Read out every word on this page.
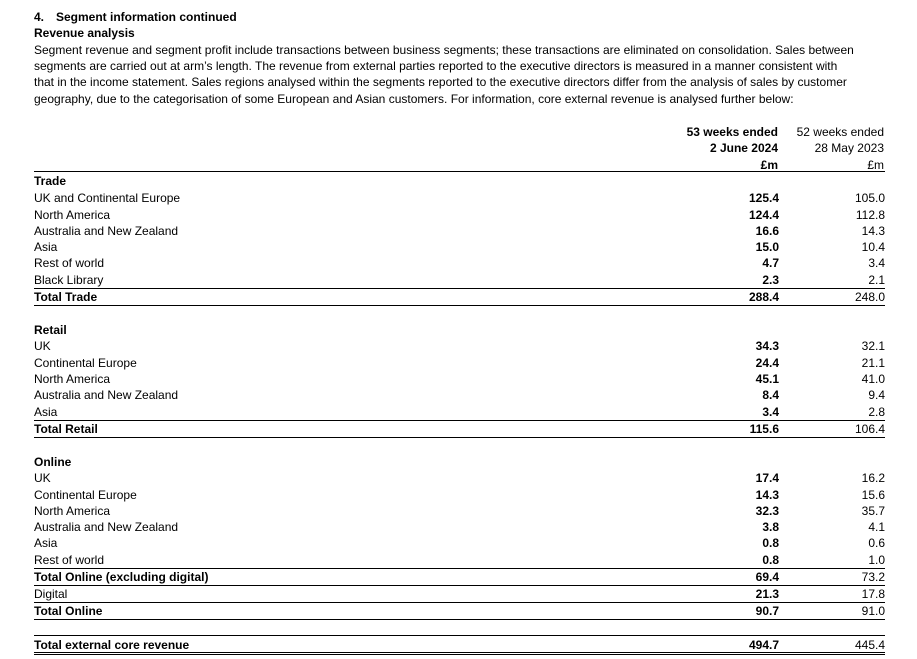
4. Segment information continued
Revenue analysis

Segment revenue and segment profit include transactions between business segments; these transactions are eliminated on consolidation. Sales between
segments are carried out at arm’s length. The revenue from external parties reported to the executive directors is measured in a manner consistent with
that in the income statement. Sales regions analysed within the segments reported to the executive directors differ from the analysis of sales by customer
geography, due to the categorisation of some European and Asian customers. For information, core external revenue is analysed further below:

53 weeks ended
2 June 2024
£m
52 weeks ended
28 May 2023
£m
Trade
UK and Continental Europe	125.4	105.0
North America	124.4	112.8
Australia and New Zealand	16.6	14.3
Asia	15.0	10.4
Rest of world	4.7	3.4
Black Library	2.3	2.1
Total Trade	288.4	248.0
Retail
UK	34.3	32.1
Continental Europe	24.4	21.1
North America	45.1	41.0
Australia and New Zealand	8.4	9.4
Asia	3.4	2.8
Total Retail	115.6	106.4
Online
UK	17.4	16.2
Continental Europe	14.3	15.6
North America	32.3	35.7
Australia and New Zealand	3.8	4.1
Asia	0.8	0.6
Rest of world	0.8	1.0
Total Online (excluding digital)	69.4	73.2
Digital	21.3	17.8
Total Online	90.7	91.0
Total external core revenue	494.7	445.4
